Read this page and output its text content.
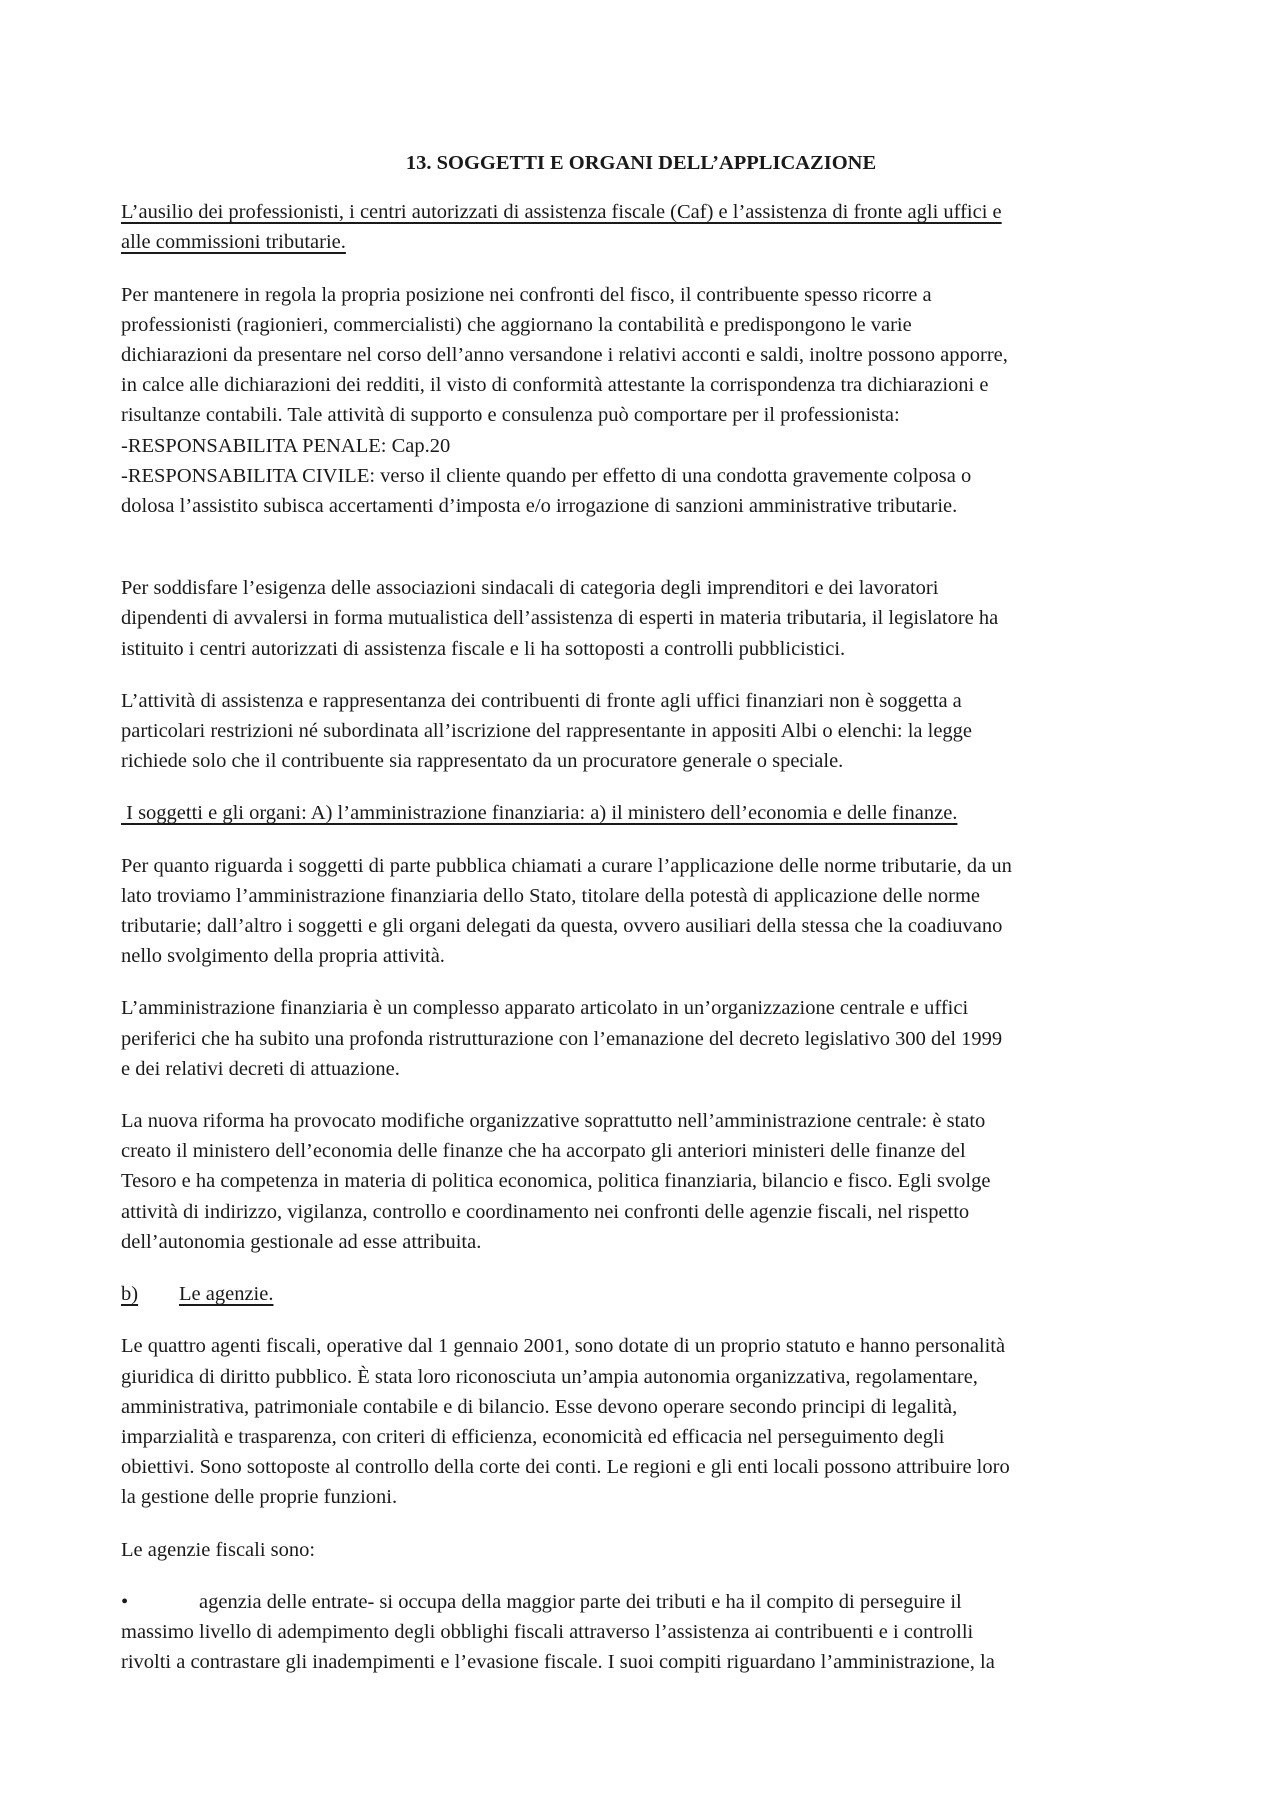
13. SOGGETTI E ORGANI DELL’APPLICAZIONE
L’ausilio dei professionisti, i centri autorizzati di assistenza fiscale (Caf) e l’assistenza di fronte agli uffici e
alle commissioni tributarie.
Per mantenere in regola la propria posizione nei confronti del fisco, il contribuente spesso ricorre a
professionisti (ragionieri, commercialisti) che aggiornano la contabilità e predispongono le varie
dichiarazioni da presentare nel corso dell’anno versandone i relativi acconti e saldi, inoltre possono apporre,
in calce alle dichiarazioni dei redditi, il visto di conformità attestante la corrispondenza tra dichiarazioni e
risultanze contabili. Tale attività di supporto e consulenza può comportare per il professionista:
-RESPONSABILITA PENALE: Cap.20
-RESPONSABILITA CIVILE: verso il cliente quando per effetto di una condotta gravemente colposa o
dolosa l’assistito subisca accertamenti d’imposta e/o irrogazione di sanzioni amministrative tributarie.
Per soddisfare l’esigenza delle associazioni sindacali di categoria degli imprenditori e dei lavoratori
dipendenti di avvalersi in forma mutualistica dell’assistenza di esperti in materia tributaria, il legislatore ha
istituito i centri autorizzati di assistenza fiscale e li ha sottoposti a controlli pubblicistici.
L’attività di assistenza e rappresentanza dei contribuenti di fronte agli uffici finanziari non è soggetta a
particolari restrizioni né subordinata all’iscrizione del rappresentante in appositi Albi o elenchi: la legge
richiede solo che il contribuente sia rappresentato da un procuratore generale o speciale.
I soggetti e gli organi: A) l’amministrazione finanziaria: a) il ministero dell’economia e delle finanze.
Per quanto riguarda i soggetti di parte pubblica chiamati a curare l’applicazione delle norme tributarie, da un
lato troviamo l’amministrazione finanziaria dello Stato, titolare della potestà di applicazione delle norme
tributarie; dall’altro i soggetti e gli organi delegati da questa, ovvero ausiliari della stessa che la coadiuvano
nello svolgimento della propria attività.
L’amministrazione finanziaria è un complesso apparato articolato in un’organizzazione centrale e uffici
periferici che ha subito una profonda ristrutturazione con l’emanazione del decreto legislativo 300 del 1999
e dei relativi decreti di attuazione.
La nuova riforma ha provocato modifiche organizzative soprattutto nell’amministrazione centrale: è stato
creato il ministero dell’economia delle finanze che ha accorpato gli anteriori ministeri delle finanze del
Tesoro e ha competenza in materia di politica economica, politica finanziaria, bilancio e fisco. Egli svolge
attività di indirizzo, vigilanza, controllo e coordinamento nei confronti delle agenzie fiscali, nel rispetto
dell’autonomia gestionale ad esse attribuita.
b) Le agenzie.
Le quattro agenti fiscali, operative dal 1 gennaio 2001, sono dotate di un proprio statuto e hanno personalità
giuridica di diritto pubblico. È stata loro riconosciuta un’ampia autonomia organizzativa, regolamentare,
amministrativa, patrimoniale contabile e di bilancio. Esse devono operare secondo principi di legalità,
imparzialità e trasparenza, con criteri di efficienza, economicità ed efficacia nel perseguimento degli
obiettivi. Sono sottoposte al controllo della corte dei conti. Le regioni e gli enti locali possono attribuire loro
la gestione delle proprie funzioni.
Le agenzie fiscali sono:
•	agenzia delle entrate- si occupa della maggior parte dei tributi e ha il compito di perseguire il
massimo livello di adempimento degli obblighi fiscali attraverso l’assistenza ai contribuenti e i controlli
rivolti a contrastare gli inadempimenti e l’evasione fiscale. I suoi compiti riguardano l’amministrazione, la
